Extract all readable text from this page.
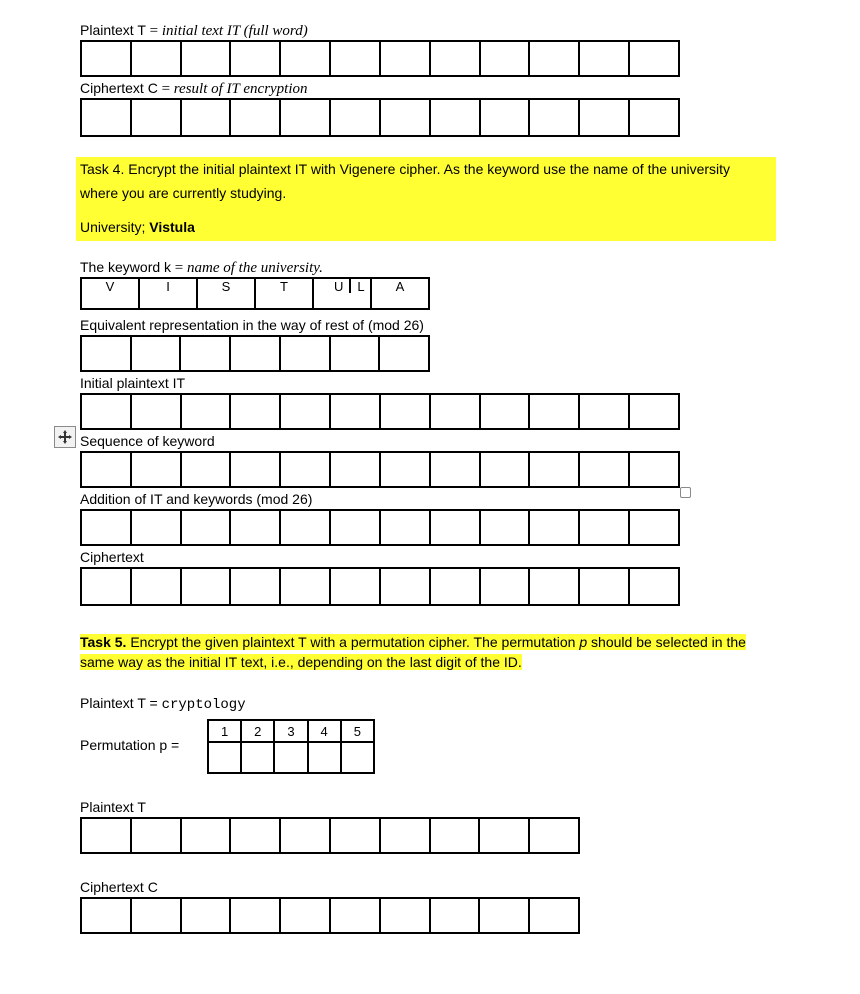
Plaintext T = initial text IT (full word)

Ciphertext C = result of IT encryption

Task 4. Encrypt the initial plaintext IT with Vigenere cipher. As the keyword use the name of the university where you are currently studying.

University; Vistula

The keyword k = name of the university.
V	I	S	T	U L	A
Equivalent representation in the way of rest of (mod 26)

Initial plaintext IT

Sequence of keyword

Addition of IT and keywords (mod 26)

Ciphertext

Task 5. Encrypt the given plaintext T with a permutation cipher. The permutation p should be selected in the same way as the initial IT text, i.e., depending on the last digit of the ID.
Plaintext T = cryptology
Permutation p =
1	2	3	4	5

Plaintext T

Ciphertext C
